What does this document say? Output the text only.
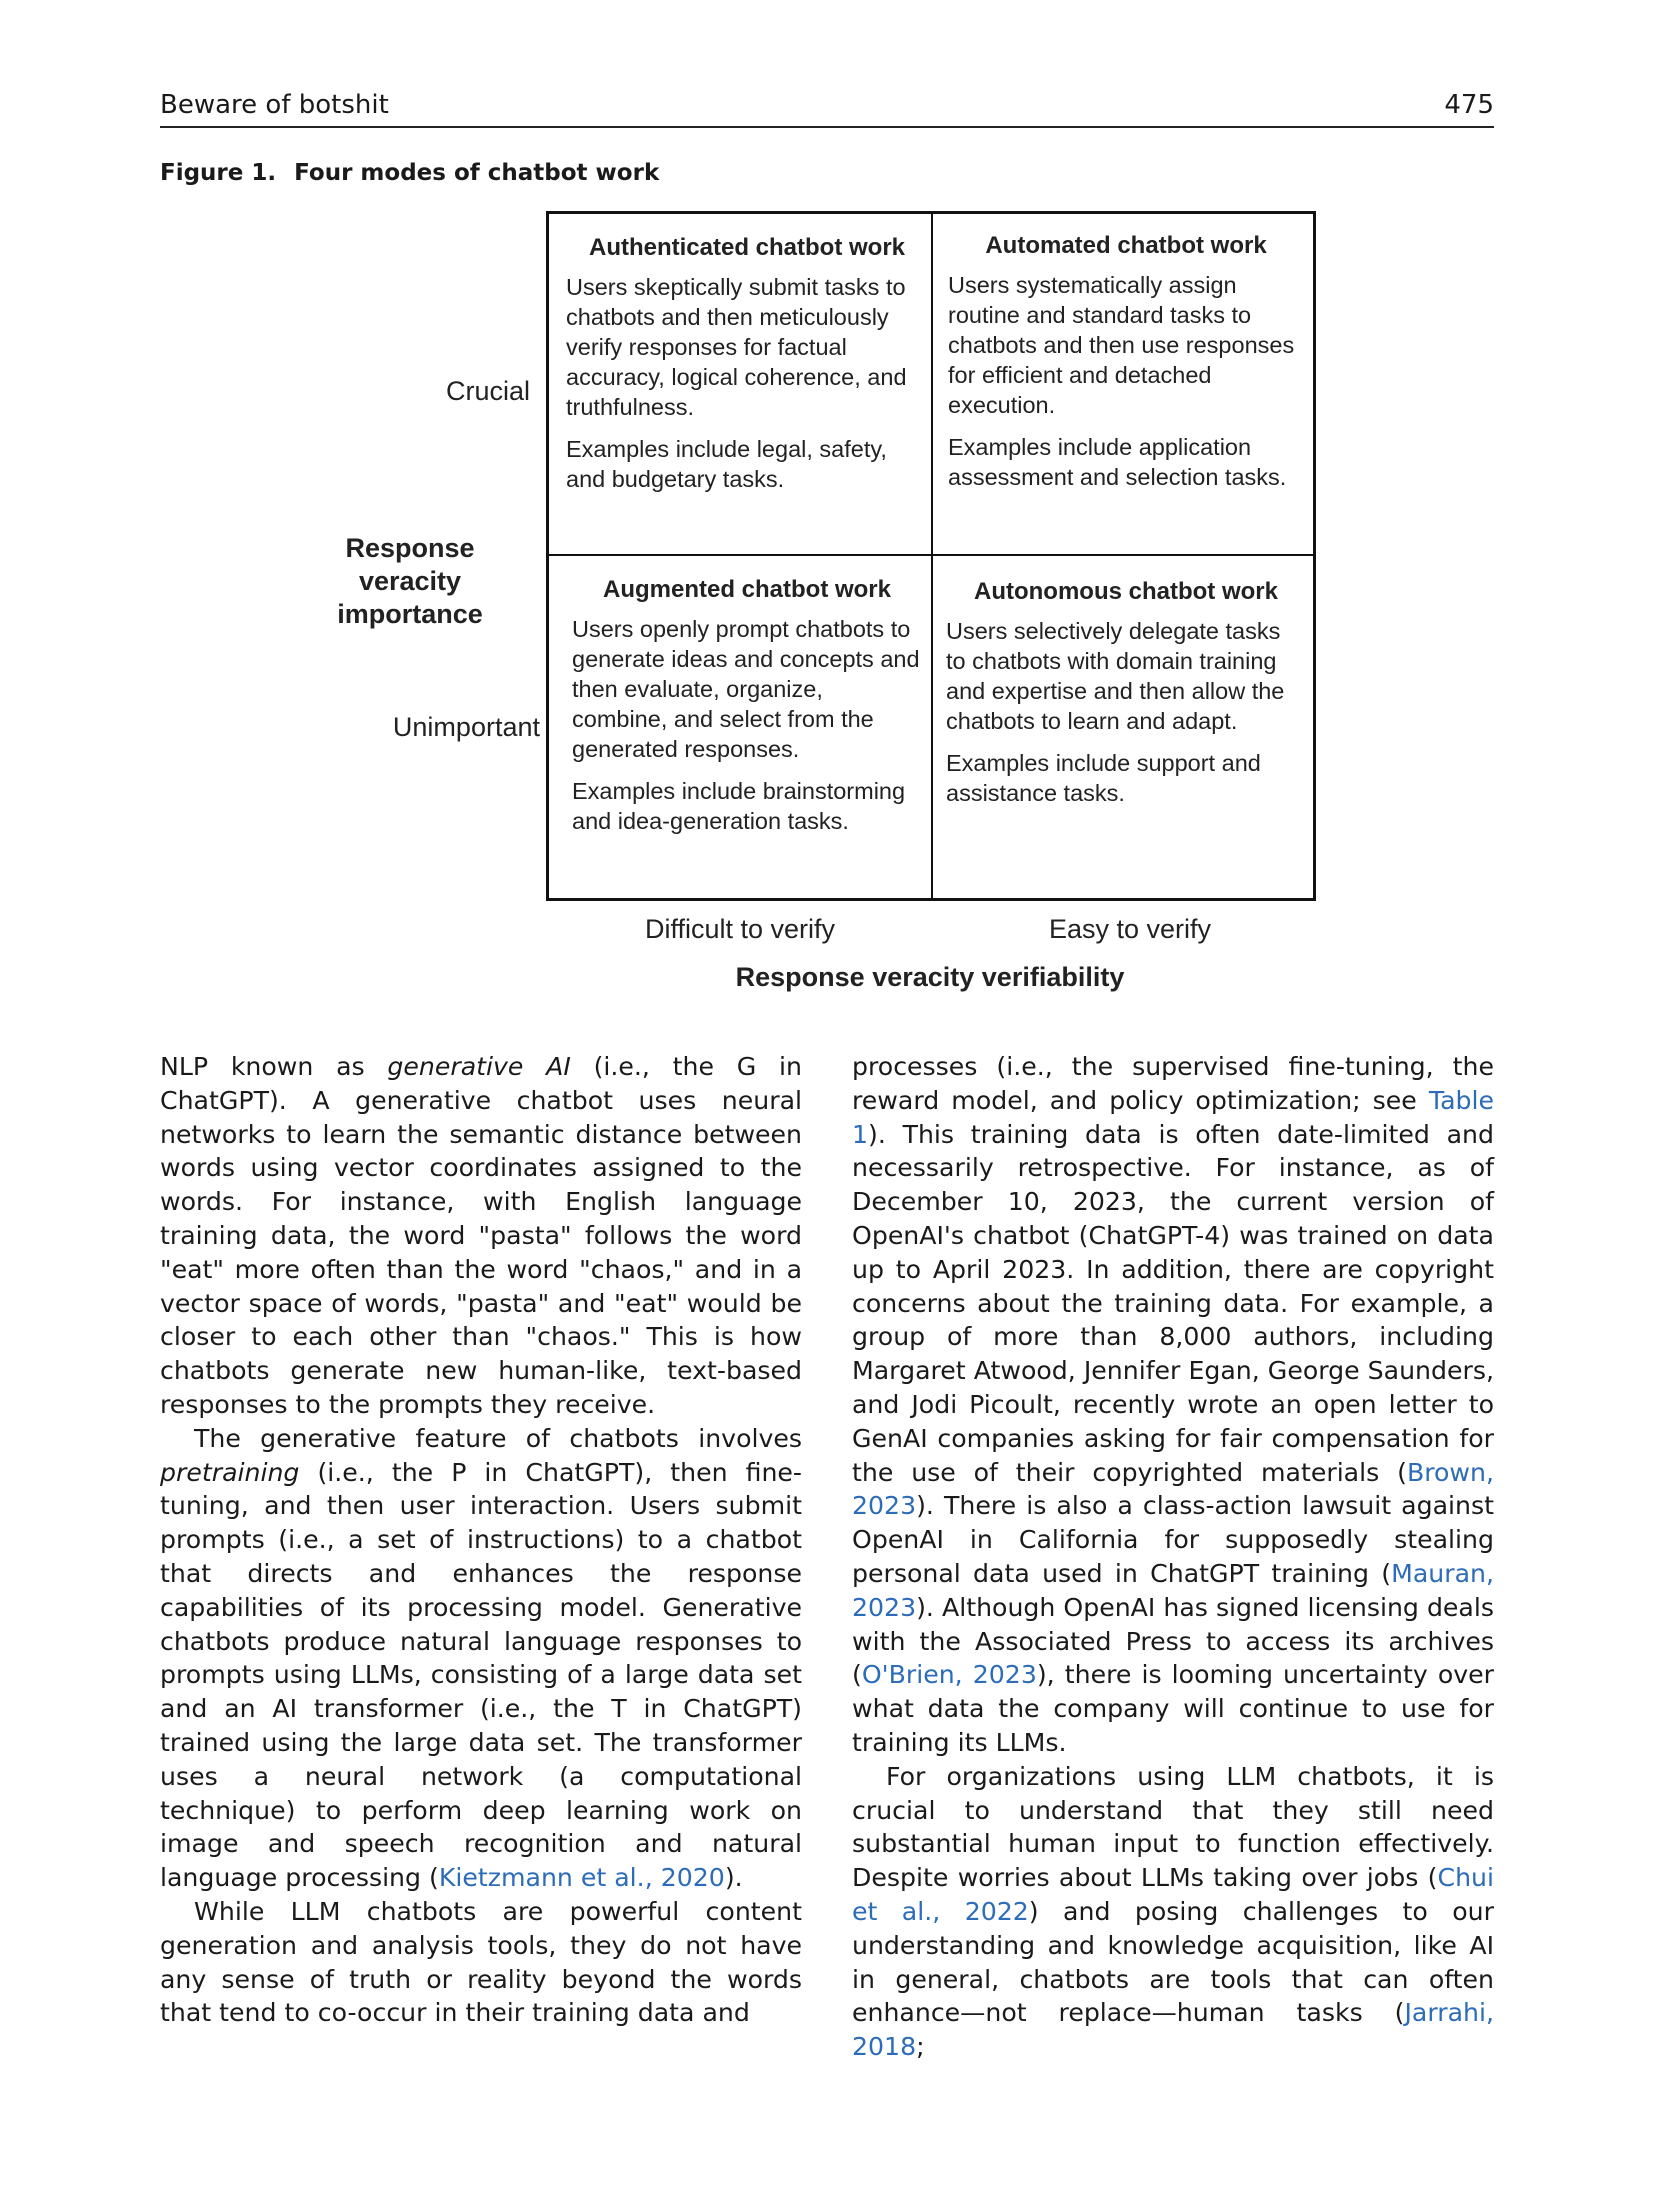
Beware of botshit	475
Figure 1. Four modes of chatbot work
Authenticated chatbot work
Users skeptically submit tasks to chatbots and then meticulously verify responses for factual accuracy, logical coherence, and truthfulness.
Examples include legal, safety, and budgetary tasks.
Automated chatbot work
Users systematically assign routine and standard tasks to chatbots and then use responses for efficient and detached execution.
Examples include application assessment and selection tasks.
Augmented chatbot work
Users openly prompt chatbots to generate ideas and concepts and then evaluate, organize, combine, and select from the generated responses.
Examples include brainstorming and idea-generation tasks.
Autonomous chatbot work
Users selectively delegate tasks to chatbots with domain training and expertise and then allow the chatbots to learn and adapt.
Examples include support and assistance tasks.
Crucial
Response veracity importance
Unimportant
Difficult to verify	Easy to verify
Response veracity verifiability

NLP known as generative AI (i.e., the G in ChatGPT). A generative chatbot uses neural networks to learn the semantic distance between words using vector coordinates assigned to the words. For instance, with English language training data, the word "pasta" follows the word "eat" more often than the word "chaos," and in a vector space of words, "pasta" and "eat" would be closer to each other than "chaos." This is how chatbots generate new human-like, text-based responses to the prompts they receive.

The generative feature of chatbots involves pretraining (i.e., the P in ChatGPT), then fine-tuning, and then user interaction. Users submit prompts (i.e., a set of instructions) to a chatbot that directs and enhances the response capabilities of its processing model. Generative chatbots produce natural language responses to prompts using LLMs, consisting of a large data set and an AI transformer (i.e., the T in ChatGPT) trained using the large data set. The transformer uses a neural network (a computational technique) to perform deep learning work on image and speech recognition and natural language processing (Kietzmann et al., 2020).

While LLM chatbots are powerful content generation and analysis tools, they do not have any sense of truth or reality beyond the words that tend to co-occur in their training data and

processes (i.e., the supervised fine-tuning, the reward model, and policy optimization; see Table 1). This training data is often date-limited and necessarily retrospective. For instance, as of December 10, 2023, the current version of OpenAI's chatbot (ChatGPT-4) was trained on data up to April 2023. In addition, there are copyright concerns about the training data. For example, a group of more than 8,000 authors, including Margaret Atwood, Jennifer Egan, George Saunders, and Jodi Picoult, recently wrote an open letter to GenAI companies asking for fair compensation for the use of their copyrighted materials (Brown, 2023). There is also a class-action lawsuit against OpenAI in California for supposedly stealing personal data used in ChatGPT training (Mauran, 2023). Although OpenAI has signed licensing deals with the Associated Press to access its archives (O'Brien, 2023), there is looming uncertainty over what data the company will continue to use for training its LLMs.

For organizations using LLM chatbots, it is crucial to understand that they still need substantial human input to function effectively. Despite worries about LLMs taking over jobs (Chui et al., 2022) and posing challenges to our understanding and knowledge acquisition, like AI in general, chatbots are tools that can often enhance—not replace—human tasks (Jarrahi, 2018;
